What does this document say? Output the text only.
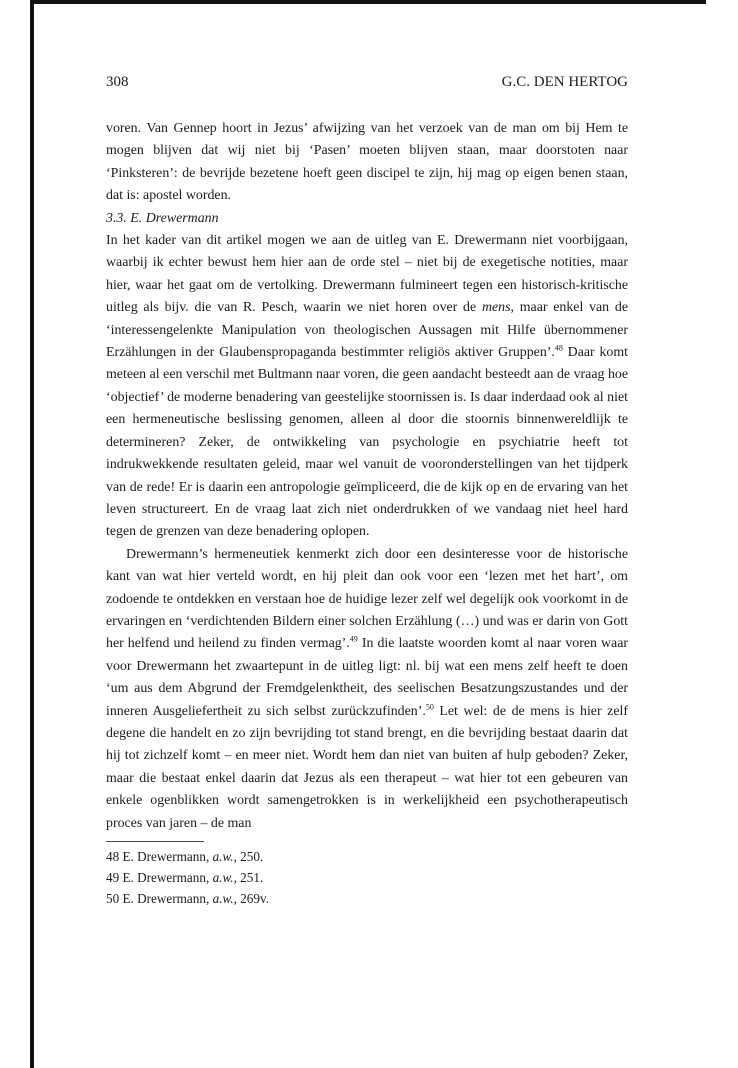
308	G.C. DEN HERTOG

voren. Van Gennep hoort in Jezus’ afwijzing van het verzoek van de man om bij Hem te mogen blijven dat wij niet bij ‘Pasen’ moeten blijven staan, maar doorstoten naar ‘Pinksteren’: de bevrijde bezetene hoeft geen discipel te zijn, hij mag op eigen benen staan, dat is: apostel worden.

3.3. E. Drewermann

In het kader van dit artikel mogen we aan de uitleg van E. Drewermann niet voorbijgaan, waarbij ik echter bewust hem hier aan de orde stel – niet bij de exegetische notities, maar hier, waar het gaat om de vertolking. Drewermann fulmineert tegen een historisch-kritische uitleg als bijv. die van R. Pesch, waarin we niet horen over de mens, maar enkel van de ‘interessengelenkte Manipulation von theologischen Aussagen mit Hilfe übernommener Erzählungen in der Glaubenspropaganda bestimmter religiös aktiver Gruppen’.$^{48}$ Daar komt meteen al een verschil met Bultmann naar voren, die geen aandacht besteedt aan de vraag hoe ‘objectief’ de moderne benadering van geestelijke stoornissen is. Is daar inderdaad ook al niet een hermeneutische beslissing genomen, alleen al door die stoornis binnenwereldlijk te determineren? Zeker, de ontwikkeling van psychologie en psychiatrie heeft tot indrukwekkende resultaten geleid, maar wel vanuit de vooronderstellingen van het tijdperk van de rede! Er is daarin een antropologie geïmpliceerd, die de kijk op en de ervaring van het leven structureert. En de vraag laat zich niet onderdrukken of we vandaag niet heel hard tegen de grenzen van deze benadering oplopen.

Drewermann’s hermeneutiek kenmerkt zich door een desinteresse voor de historische kant van wat hier verteld wordt, en hij pleit dan ook voor een ‘lezen met het hart’, om zodoende te ontdekken en verstaan hoe de huidige lezer zelf wel degelijk ook voorkomt in de ervaringen en ‘verdichtenden Bildern einer solchen Erzählung (…) und was er darin von Gott her helfend und heilend zu finden vermag’.$^{49}$ In die laatste woorden komt al naar voren waar voor Drewermann het zwaartepunt in de uitleg ligt: nl. bij wat een mens zelf heeft te doen ‘um aus dem Abgrund der Fremdgelenktheit, des seelischen Besatzungszustandes und der inneren Ausgeliefertheit zu sich selbst zurückzufinden’.$^{50}$ Let wel: de de mens is hier zelf degene die handelt en zo zijn bevrijding tot stand brengt, en die bevrijding bestaat daarin dat hij tot zichzelf komt – en meer niet. Wordt hem dan niet van buiten af hulp geboden? Zeker, maar die bestaat enkel daarin dat Jezus als een therapeut – wat hier tot een gebeuren van enkele ogenblikken wordt samengetrokken is in werkelijkheid een psychotherapeutisch proces van jaren – de man

48 E. Drewermann, a.w., 250.

49 E. Drewermann, a.w., 251.

50 E. Drewermann, a.w., 269v.
